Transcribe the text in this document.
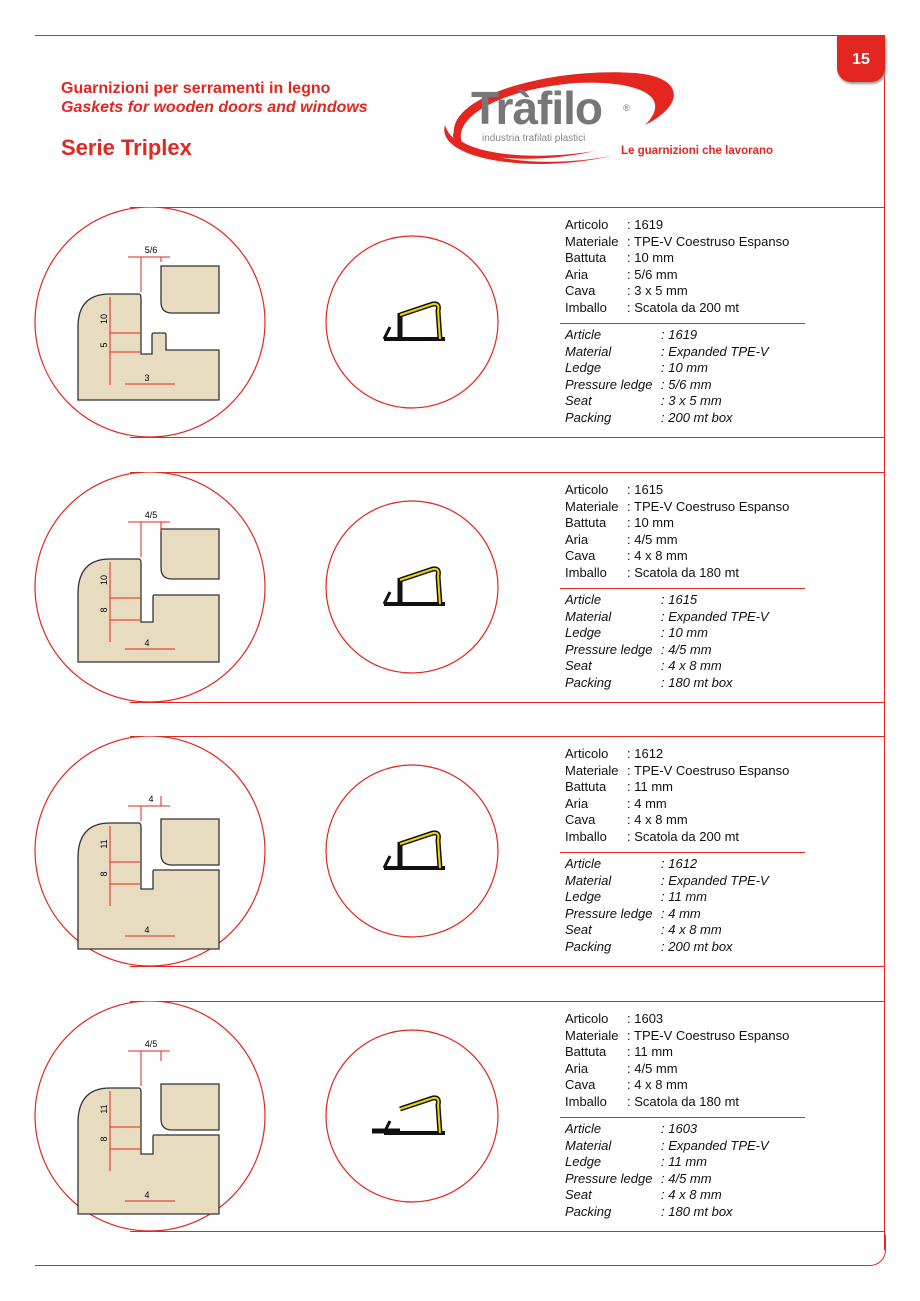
15
Guarnizioni per serramenti in legno
Gaskets for wooden doors and windows
Serie Triplex
Tràfilo ®
industria trafilati plastici
Le guarnizioni che lavorano
5/6
10
5
3
Articolo : 1619
Materiale : TPE-V Coestruso Espanso
Battuta : 10 mm
Aria	: 5/6 mm
Cava : 3 x 5 mm
Imballo : Scatola da 200 mt
Article	: 1619
Material	: Expanded TPE-V
Ledge	: 10 mm
Pressure ledge : 5/6 mm
Seat	: 3 x 5 mm
Packing	: 200 mt box
4/5
10
8
4
Articolo : 1615
Materiale : TPE-V Coestruso Espanso
Battuta : 10 mm
Aria	: 4/5 mm
Cava : 4 x 8 mm
Imballo : Scatola da 180 mt
Article	: 1615
Material	: Expanded TPE-V
Ledge	: 10 mm
Pressure ledge : 4/5 mm
Seat	: 4 x 8 mm
Packing	: 180 mt box
4
11
8
4
Articolo : 1612
Materiale : TPE-V Coestruso Espanso
Battuta : 11 mm
Aria	: 4 mm
Cava : 4 x 8 mm
Imballo : Scatola da 200 mt
Article	: 1612
Material	: Expanded TPE-V
Ledge	: 11 mm
Pressure ledge : 4 mm
Seat	: 4 x 8 mm
Packing	: 200 mt box
4/5
11
8
4
Articolo : 1603
Materiale : TPE-V Coestruso Espanso
Battuta : 11 mm
Aria	: 4/5 mm
Cava : 4 x 8 mm
Imballo : Scatola da 180 mt
Article	: 1603
Material	: Expanded TPE-V
Ledge	: 11 mm
Pressure ledge : 4/5 mm
Seat	: 4 x 8 mm
Packing	: 180 mt box
